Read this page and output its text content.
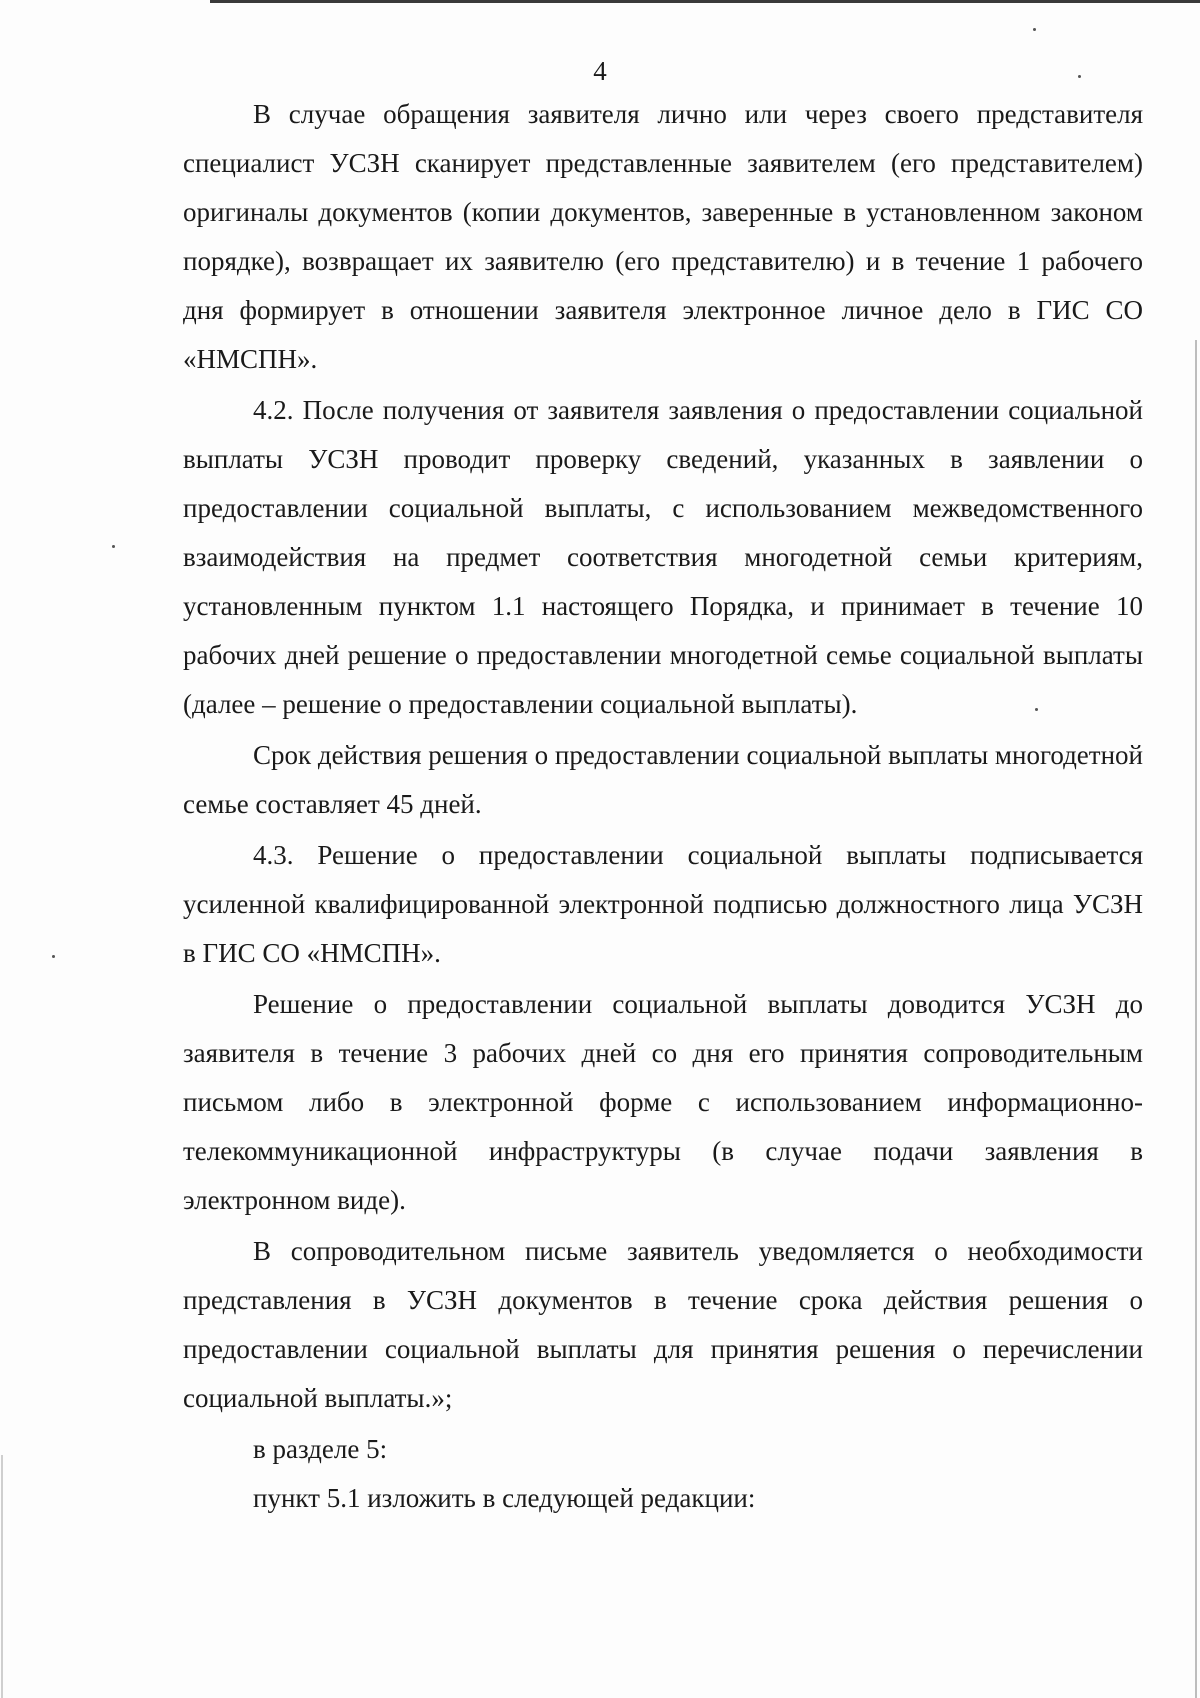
4

В случае обращения заявителя лично или через своего представителя специалист УСЗН сканирует представленные заявителем (его представителем) оригиналы документов (копии документов, заверенные в установленном законом порядке), возвращает их заявителю (его представителю) и в течение 1 рабочего дня формирует в отношении заявителя электронное личное дело в ГИС СО «НМСПН».

4.2. После получения от заявителя заявления о предоставлении социальной выплаты УСЗН проводит проверку сведений, указанных в заявлении о предоставлении социальной выплаты, с использованием межведомственного взаимодействия на предмет соответствия многодетной семьи критериям, установленным пунктом 1.1 настоящего Порядка, и принимает в течение 10 рабочих дней решение о предоставлении многодетной семье социальной выплаты (далее – решение о предоставлении социальной выплаты).

Срок действия решения о предоставлении социальной выплаты многодетной семье составляет 45 дней.

4.3. Решение о предоставлении социальной выплаты подписывается усиленной квалифицированной электронной подписью должностного лица УСЗН в ГИС СО «НМСПН».

Решение о предоставлении социальной выплаты доводится УСЗН до заявителя в течение 3 рабочих дней со дня его принятия сопроводительным письмом либо в электронной форме с использованием информационно-телекоммуникационной инфраструктуры (в случае подачи заявления в электронном виде).

В сопроводительном письме заявитель уведомляется о необходимости представления в УСЗН документов в течение срока действия решения о предоставлении социальной выплаты для принятия решения о перечислении социальной выплаты.»;

в разделе 5:

пункт 5.1 изложить в следующей редакции:
